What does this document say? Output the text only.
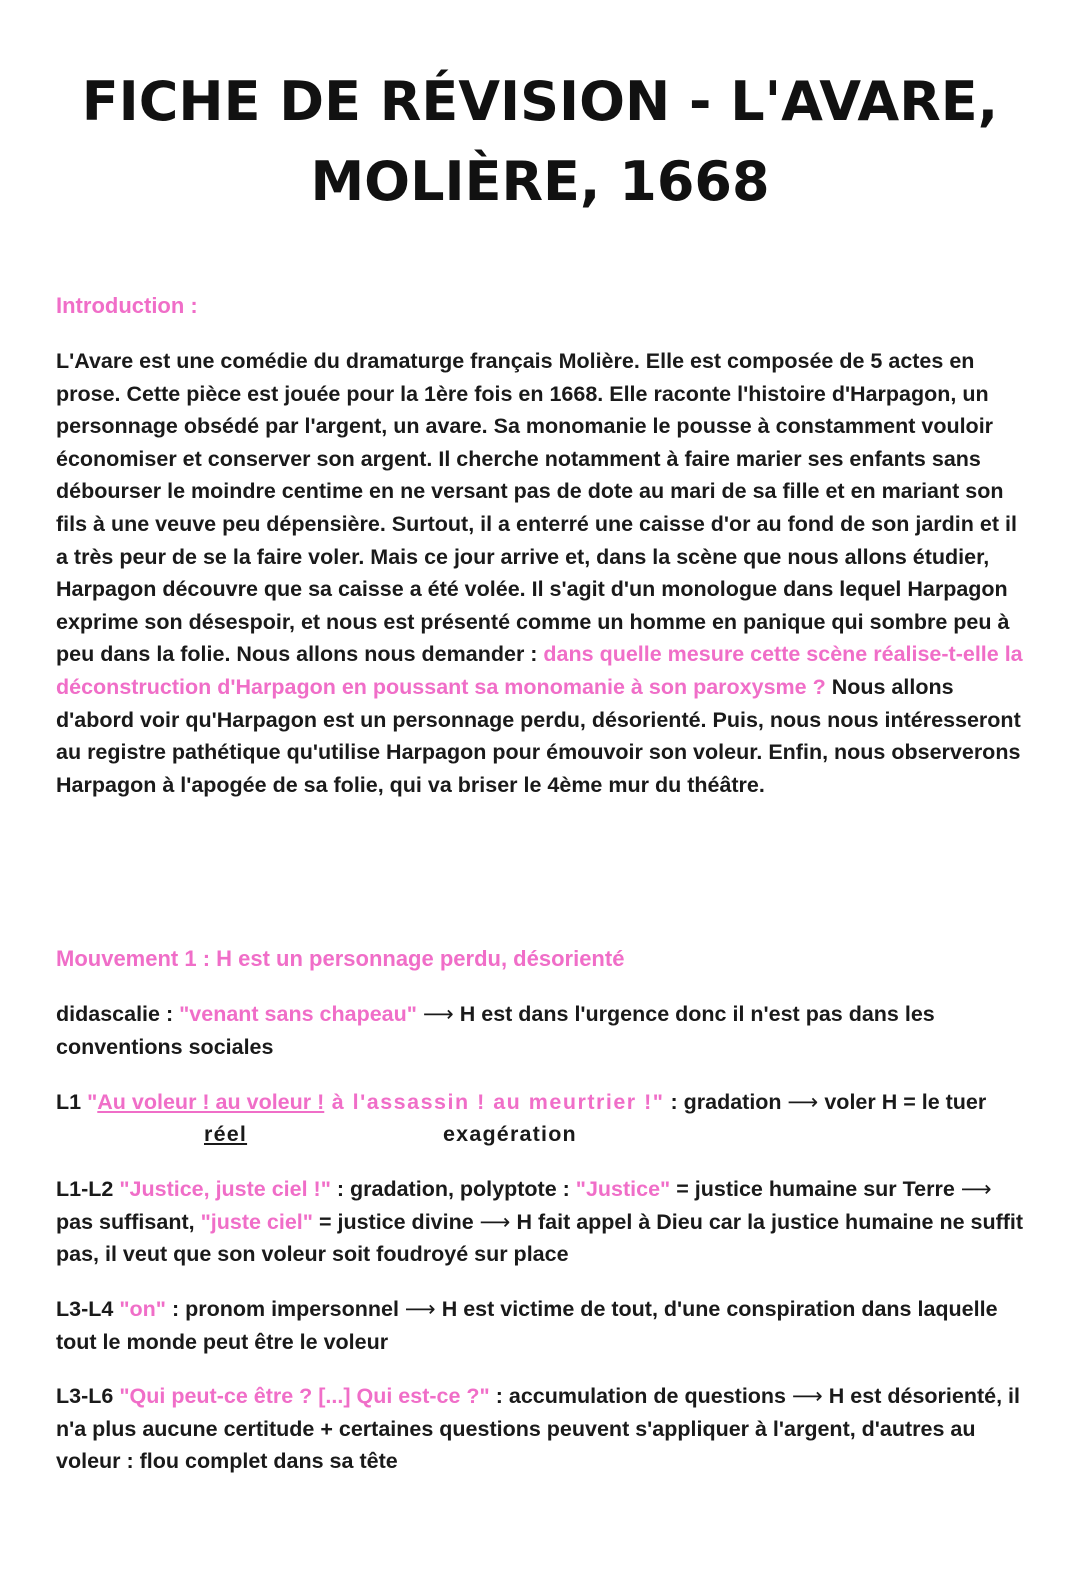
FICHE DE RÉVISION - L'AVARE,
MOLIÈRE, 1668

Introduction :

L'Avare est une comédie du dramaturge français Molière. Elle est composée de 5 actes en prose. Cette pièce est jouée pour la 1ère fois en 1668. Elle raconte l'histoire d'Harpagon, un personnage obsédé par l'argent, un avare. Sa monomanie le pousse à constamment vouloir économiser et conserver son argent. Il cherche notamment à faire marier ses enfants sans débourser le moindre centime en ne versant pas de dote au mari de sa fille et en mariant son fils à une veuve peu dépensière. Surtout, il a enterré une caisse d'or au fond de son jardin et il a très peur de se la faire voler. Mais ce jour arrive et, dans la scène que nous allons étudier, Harpagon découvre que sa caisse a été volée. Il s'agit d'un monologue dans lequel Harpagon exprime son désespoir, et nous est présenté comme un homme en panique qui sombre peu à peu dans la folie. Nous allons nous demander : dans quelle mesure cette scène réalise-t-elle la déconstruction d'Harpagon en poussant sa monomanie à son paroxysme ? Nous allons d'abord voir qu'Harpagon est un personnage perdu, désorienté. Puis, nous nous intéresseront au registre pathétique qu'utilise Harpagon pour émouvoir son voleur. Enfin, nous observerons Harpagon à l'apogée de sa folie, qui va briser le 4ème mur du théâtre.

Mouvement 1 : H est un personnage perdu, désorienté

didascalie : "venant sans chapeau" ⟶ H est dans l'urgence donc il n'est pas dans les conventions sociales

L1 "Au voleur ! au voleur ! à l'assassin ! au meurtrier !" : gradation ⟶ voler H = le tuer

réel	exagération

L1-L2 "Justice, juste ciel !" : gradation, polyptote : "Justice" = justice humaine sur Terre ⟶ pas suffisant, "juste ciel" = justice divine ⟶ H fait appel à Dieu car la justice humaine ne suffit pas, il veut que son voleur soit foudroyé sur place

L3-L4 "on" : pronom impersonnel ⟶ H est victime de tout, d'une conspiration dans laquelle tout le monde peut être le voleur

L3-L6 "Qui peut-ce être ? [...] Qui est-ce ?" : accumulation de questions ⟶ H est désorienté, il n'a plus aucune certitude + certaines questions peuvent s'appliquer à l'argent, d'autres au voleur : flou complet dans sa tête
